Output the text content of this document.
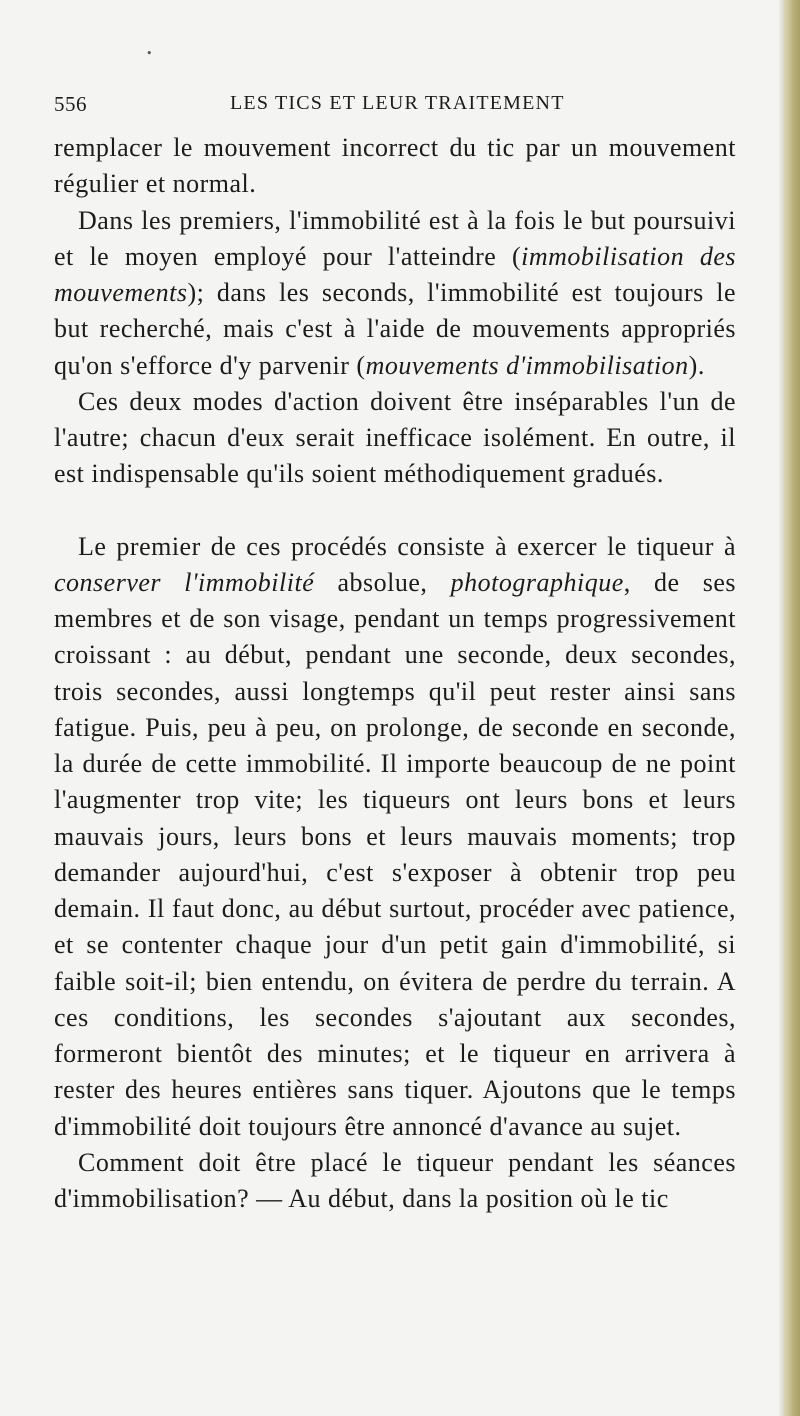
•
556	LES TICS ET LEUR TRAITEMENT

remplacer le mouvement incorrect du tic par un mouvement régulier et normal.

Dans les premiers, l'immobilité est à la fois le but poursuivi et le moyen employé pour l'atteindre (immobilisation des mouvements); dans les seconds, l'immobilité est toujours le but recherché, mais c'est à l'aide de mouvements appropriés qu'on s'efforce d'y parvenir (mouvements d'immobilisation).

Ces deux modes d'action doivent être inséparables l'un de l'autre; chacun d'eux serait inefficace isolément. En outre, il est indispensable qu'ils soient méthodiquement gradués.

Le premier de ces procédés consiste à exercer le tiqueur à conserver l'immobilité absolue, photographique, de ses membres et de son visage, pendant un temps progressivement croissant : au début, pendant une seconde, deux secondes, trois secondes, aussi longtemps qu'il peut rester ainsi sans fatigue. Puis, peu à peu, on prolonge, de seconde en seconde, la durée de cette immobilité. Il importe beaucoup de ne point l'augmenter trop vite; les tiqueurs ont leurs bons et leurs mauvais jours, leurs bons et leurs mauvais moments; trop demander aujourd'hui, c'est s'exposer à obtenir trop peu demain. Il faut donc, au début surtout, procéder avec patience, et se contenter chaque jour d'un petit gain d'immobilité, si faible soit-il; bien entendu, on évitera de perdre du terrain. A ces conditions, les secondes s'ajoutant aux secondes, formeront bientôt des minutes; et le tiqueur en arrivera à rester des heures entières sans tiquer. Ajoutons que le temps d'immobilité doit toujours être annoncé d'avance au sujet.

Comment doit être placé le tiqueur pendant les séances d'immobilisation? — Au début, dans la position où le tic
